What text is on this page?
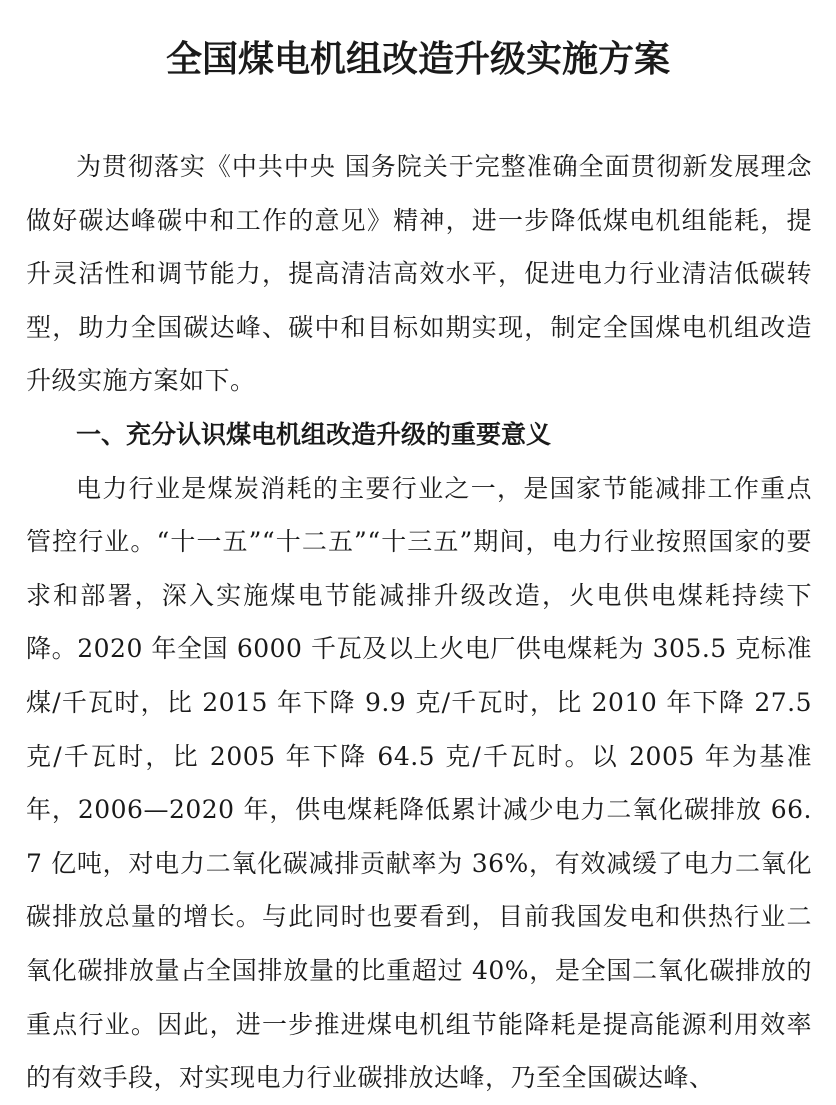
全国煤电机组改造升级实施方案

为贯彻落实《中共中央 国务院关于完整准确全面贯彻新发展理念做好碳达峰碳中和工作的意见》精神，进一步降低煤电机组能耗，提升灵活性和调节能力，提高清洁高效水平，促进电力行业清洁低碳转型，助力全国碳达峰、碳中和目标如期实现，制定全国煤电机组改造升级实施方案如下。

一、充分认识煤电机组改造升级的重要意义

电力行业是煤炭消耗的主要行业之一，是国家节能减排工作重点管控行业。“十一五”“十二五”“十三五”期间，电力行业按照国家的要求和部署，深入实施煤电节能减排升级改造，火电供电煤耗持续下降。2020 年全国 6000 千瓦及以上火电厂供电煤耗为 305.5 克标准煤/千瓦时，比 2015 年下降 9.9 克/千瓦时，比 2010 年下降 27.5 克/千瓦时，比 2005 年下降 64.5 克/千瓦时。以 2005 年为基准年，2006—2020 年，供电煤耗降低累计减少电力二氧化碳排放 66.7 亿吨，对电力二氧化碳减排贡献率为 36%，有效减缓了电力二氧化碳排放总量的增长。与此同时也要看到，目前我国发电和供热行业二氧化碳排放量占全国排放量的比重超过 40%，是全国二氧化碳排放的重点行业。因此，进一步推进煤电机组节能降耗是提高能源利用效率的有效手段，对实现电力行业碳排放达峰，乃至全国碳达峰、
